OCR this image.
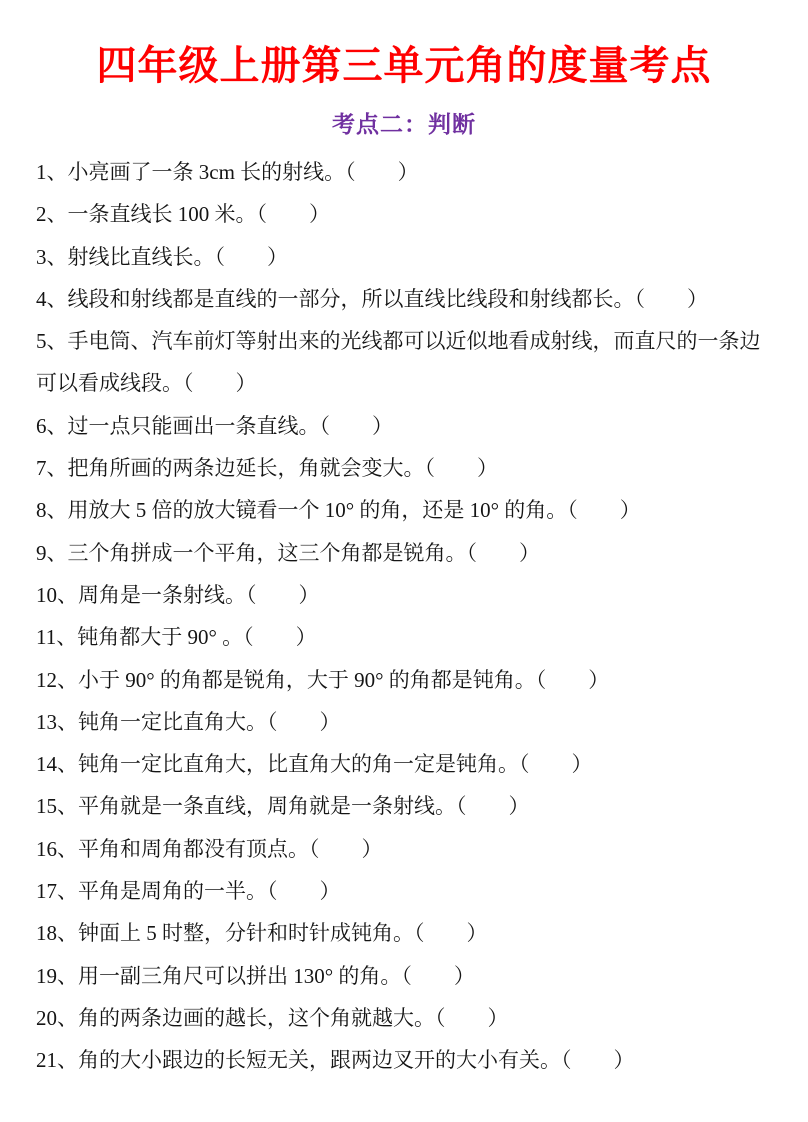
四年级上册第三单元角的度量考点
考点二：判断
1、小亮画了一条 3cm 长的射线。（　　）
2、一条直线长 100 米。（　　）
3、射线比直线长。（　　）
4、线段和射线都是直线的一部分，所以直线比线段和射线都长。（　　）
5、手电筒、汽车前灯等射出来的光线都可以近似地看成射线，而直尺的一条边可以看成线段。（　　）
6、过一点只能画出一条直线。（　　）
7、把角所画的两条边延长，角就会变大。（　　）
8、用放大 5 倍的放大镜看一个 10° 的角，还是 10° 的角。（　　）
9、三个角拼成一个平角，这三个角都是锐角。（　　）
10、周角是一条射线。（　　）
11、钝角都大于 90° 。（　　）
12、小于 90° 的角都是锐角，大于 90° 的角都是钝角。（　　）
13、钝角一定比直角大。（　　）
14、钝角一定比直角大，比直角大的角一定是钝角。（　　）
15、平角就是一条直线，周角就是一条射线。（　　）
16、平角和周角都没有顶点。（　　）
17、平角是周角的一半。（　　）
18、钟面上 5 时整，分针和时针成钝角。（　　）
19、用一副三角尺可以拼出 130° 的角。（　　）
20、角的两条边画的越长，这个角就越大。（　　）
21、角的大小跟边的长短无关，跟两边叉开的大小有关。（　　）
